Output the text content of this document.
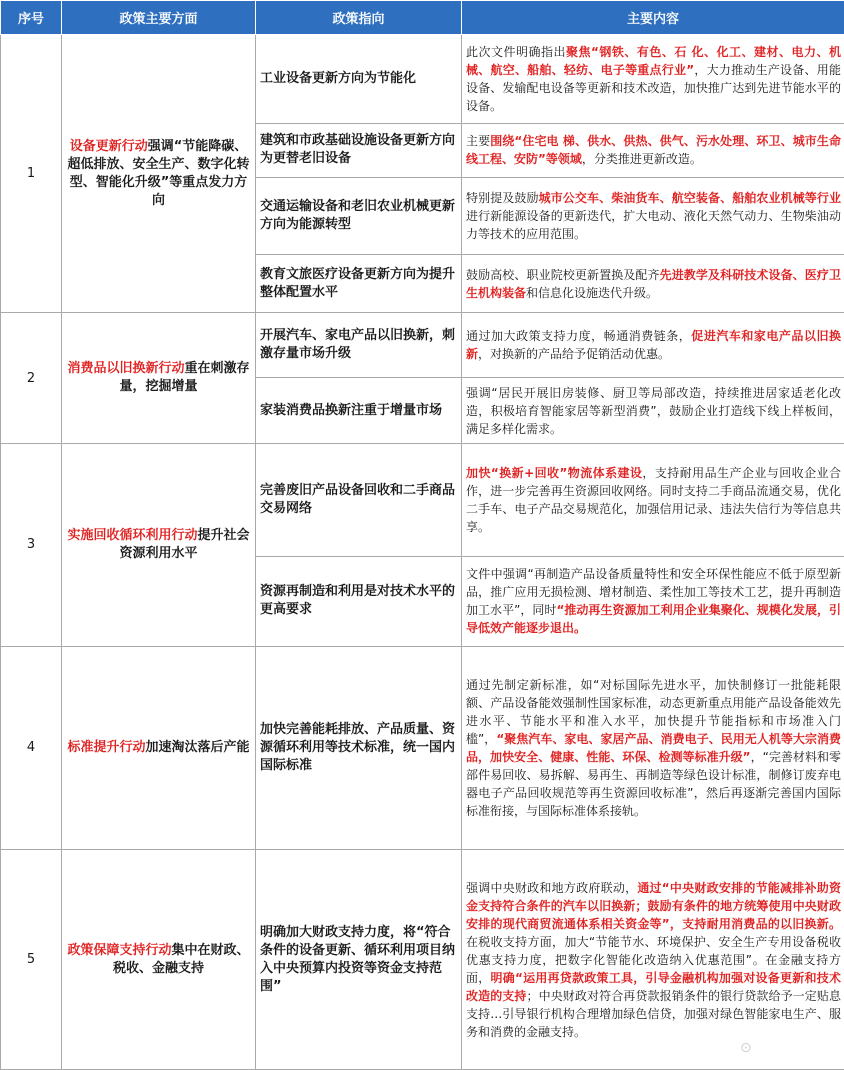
序号	政策主要方面	政策指向	主要内容
1	设备更新行动强调“节能降碳、超低排放、安全生产、数字化转型、智能化升级”等重点发力方向	工业设备更新方向为节能化	此次文件明确指出聚焦“钢铁、有色、石 化、化工、建材、电力、机械、航空、船舶、轻纺、电子等重点行业”，大力推动生产设备、用能设备、发输配电设备等更新和技术改造，加快推广达到先进节能水平的设备。
		建筑和市政基础设施设备更新方向为更替老旧设备	主要围绕“住宅电 梯、供水、供热、供气、污水处理、环卫、城市生命线工程、安防”等领域，分类推进更新改造。
		交通运输设备和老旧农业机械更新方向为能源转型	特别提及鼓励城市公交车、柴油货车、航空装备、船舶农业机械等行业进行新能源设备的更新迭代，扩大电动、液化天然气动力、生物柴油动力等技术的应用范围。
		教育文旅医疗设备更新方向为提升整体配置水平	鼓励高校、职业院校更新置换及配齐先进教学及科研技术设备、医疗卫生机构装备和信息化设施迭代升级。
2	消费品以旧换新行动重在刺激存量，挖掘增量	开展汽车、家电产品以旧换新，刺激存量市场升级	通过加大政策支持力度，畅通消费链条，促进汽车和家电产品以旧换新，对换新的产品给予促销活动优惠。
		家装消费品换新注重于增量市场	强调“居民开展旧房装修、厨卫等局部改造，持续推进居家适老化改造，积极培育智能家居等新型消费”，鼓励企业打造线下线上样板间，满足多样化需求。
3	实施回收循环利用行动提升社会资源利用水平	完善废旧产品设备回收和二手商品交易网络	加快“换新+回收”物流体系建设，支持耐用品生产企业与回收企业合作，进一步完善再生资源回收网络。同时支持二手商品流通交易，优化二手车、电子产品交易规范化，加强信用记录、违法失信行为等信息共享。
		资源再制造和利用是对技术水平的更高要求	文件中强调“再制造产品设备质量特性和安全环保性能应不低于原型新品，推广应用无损检测、增材制造、柔性加工等技术工艺，提升再制造加工水平”，同时“推动再生资源加工利用企业集聚化、规模化发展，引导低效产能逐步退出。
4	标准提升行动加速淘汰落后产能	加快完善能耗排放、产品质量、资源循环利用等技术标准，统一国内国际标准	通过先制定新标准，如“对标国际先进水平，加快制修订一批能耗限额、产品设备能效强制性国家标准，动态更新重点用能产品设备能效先进水平、节能水平和准入水平，加快提升节能指标和市场准入门槛”，“聚焦汽车、家电、家居产品、消费电子、民用无人机等大宗消费品，加快安全、健康、性能、环保、检测等标准升级”，“完善材料和零部件易回收、易拆解、易再生、再制造等绿色设计标准，制修订废弃电器电子产品回收规范等再生资源回收标准”，然后再逐渐完善国内国际标准衔接，与国际标准体系接轨。
5	政策保障支持行动集中在财政、税收、金融支持	明确加大财政支持力度，将“符合条件的设备更新、循环利用项目纳入中央预算内投资等资金支持范围”	强调中央财政和地方政府联动，通过“中央财政安排的节能减排补助资金支持符合条件的汽车以旧换新；鼓励有条件的地方统筹使用中央财政安排的现代商贸流通体系相关资金等”，支持耐用消费品的以旧换新。在税收支持方面，加大“节能节水、环境保护、安全生产专用设备税收优惠支持力度，把数字化智能化改造纳入优惠范围”。在金融支持方面，明确“运用再贷款政策工具，引导金融机构加强对设备更新和技术改造的支持；中央财政对符合再贷款报销条件的银行贷款给予一定贴息支持…引导银行机构合理增加绿色信贷，加强对绿色智能家电生产、服务和消费的金融支持。
⊙
